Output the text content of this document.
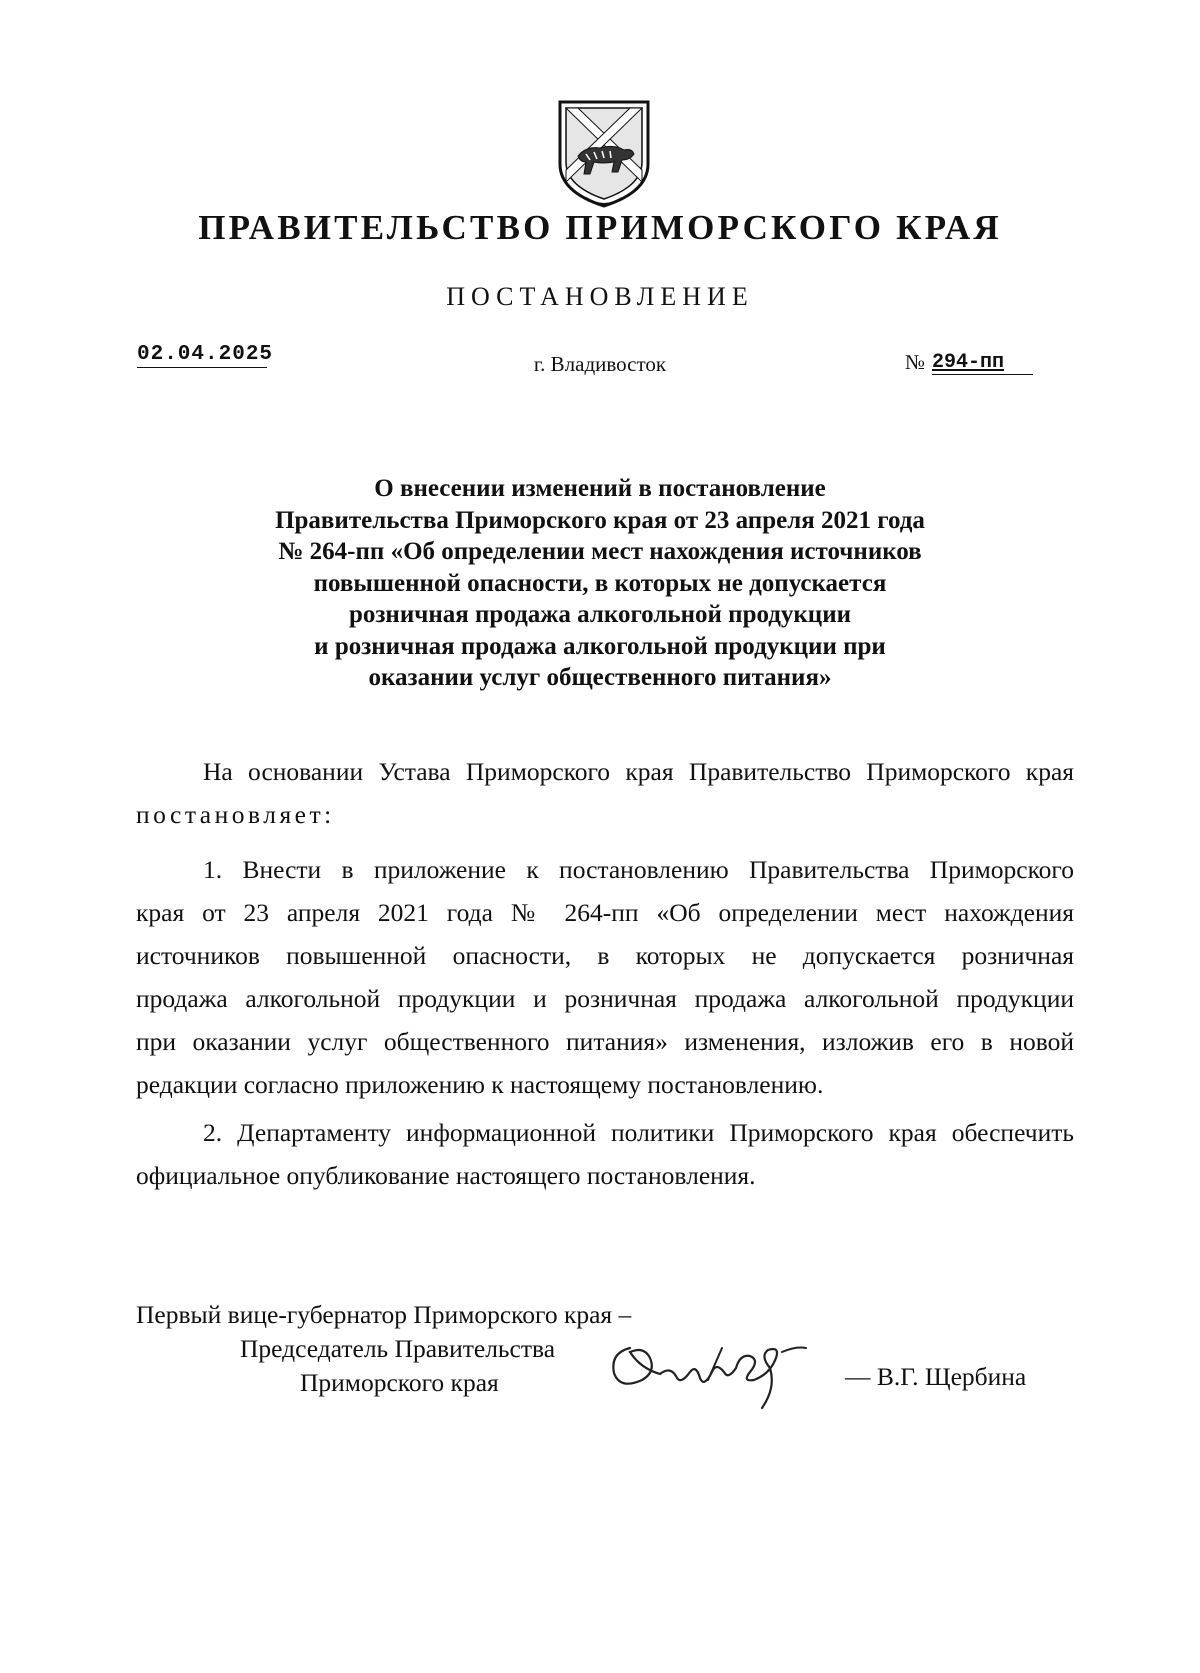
ПРАВИТЕЛЬСТВО ПРИМОРСКОГО КРАЯ
ПОСТАНОВЛЕНИЕ
02.04.2025	г. Владивосток	№ 294-пп
О внесении изменений в постановление
Правительства Приморского края от 23 апреля 2021 года
№ 264-пп «Об определении мест нахождения источников
повышенной опасности, в которых не допускается
розничная продажа алкогольной продукции
и розничная продажа алкогольной продукции при
оказании услуг общественного питания»
На основании Устава Приморского края Правительство Приморского края
постановляет:
1. Внести в приложение к постановлению Правительства Приморского
края от 23 апреля 2021 года № 264-пп «Об определении мест нахождения
источников повышенной опасности, в которых не допускается розничная
продажа алкогольной продукции и розничная продажа алкогольной продукции
при оказании услуг общественного питания» изменения, изложив его в новой
редакции согласно приложению к настоящему постановлению.
2. Департаменту информационной политики Приморского края обеспечить
официальное опубликование настоящего постановления.
Первый вице-губернатор Приморского края –
Председатель Правительства
Приморского края	— В.Г. Щербина
